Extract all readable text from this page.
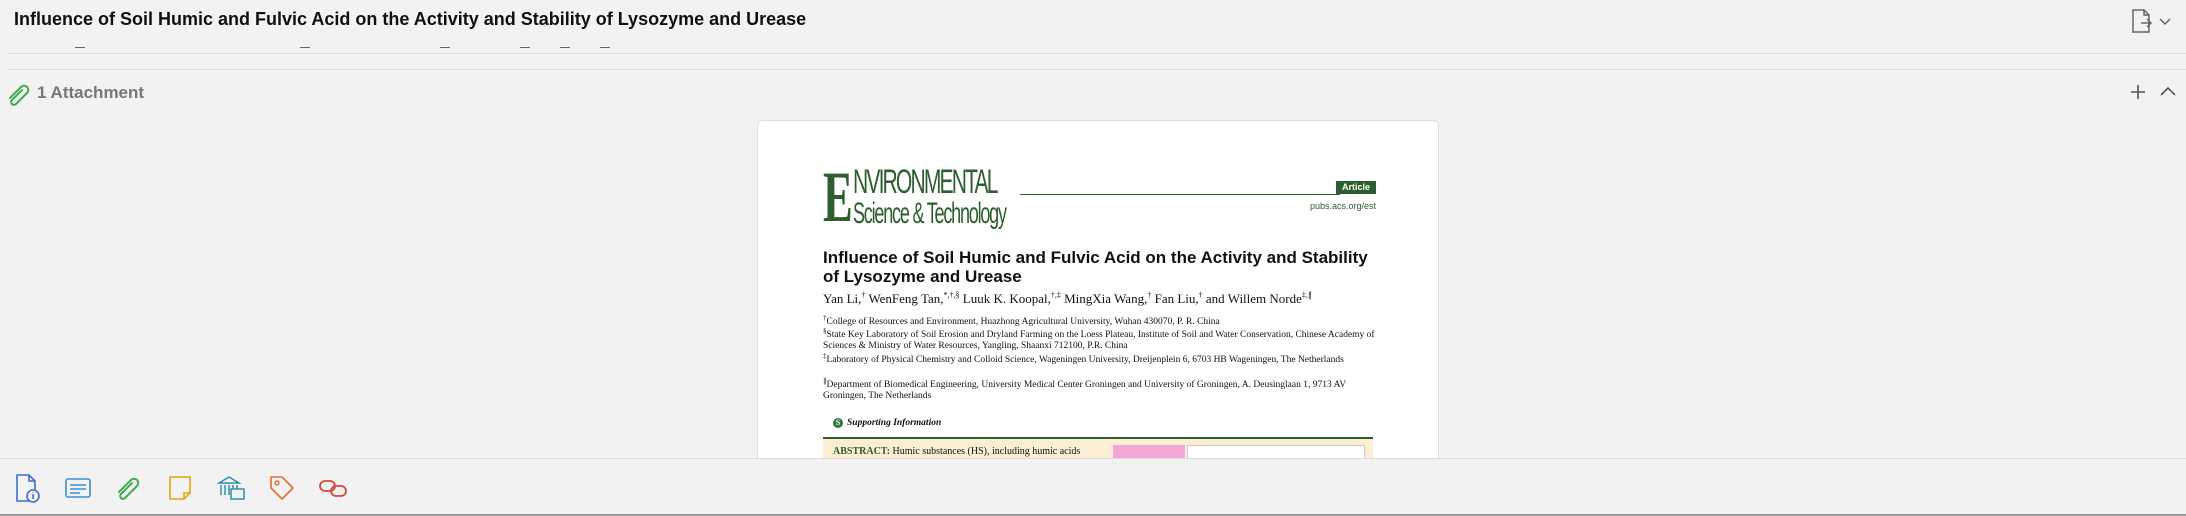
Influence of Soil Humic and Fulvic Acid on the Activity and Stability of Lysozyme and Urease
1 Attachment
E NVIRONMENTAL
Science & Technology
Article
pubs.acs.org/est
Influence of Soil Humic and Fulvic Acid on the Activity and Stability of Lysozyme and Urease
Yan Li,† WenFeng Tan,*,†,§ Luuk K. Koopal,†,‡ MingXia Wang,† Fan Liu,† and Willem Norde‡,∥
†College of Resources and Environment, Huazhong Agricultural University, Wuhan 430070, P. R. China
§State Key Laboratory of Soil Erosion and Dryland Farming on the Loess Plateau, Institute of Soil and Water Conservation, Chinese Academy of Sciences & Ministry of Water Resources, Yangling, Shaanxi 712100, P.R. China
‡Laboratory of Physical Chemistry and Colloid Science, Wageningen University, Dreijenplein 6, 6703 HB Wageningen, The Netherlands
∥Department of Biomedical Engineering, University Medical Center Groningen and University of Groningen, A. Deusinglaan 1, 9713 AV Groningen, The Netherlands
S Supporting Information
ABSTRACT: Humic substances (HS), including humic acids
